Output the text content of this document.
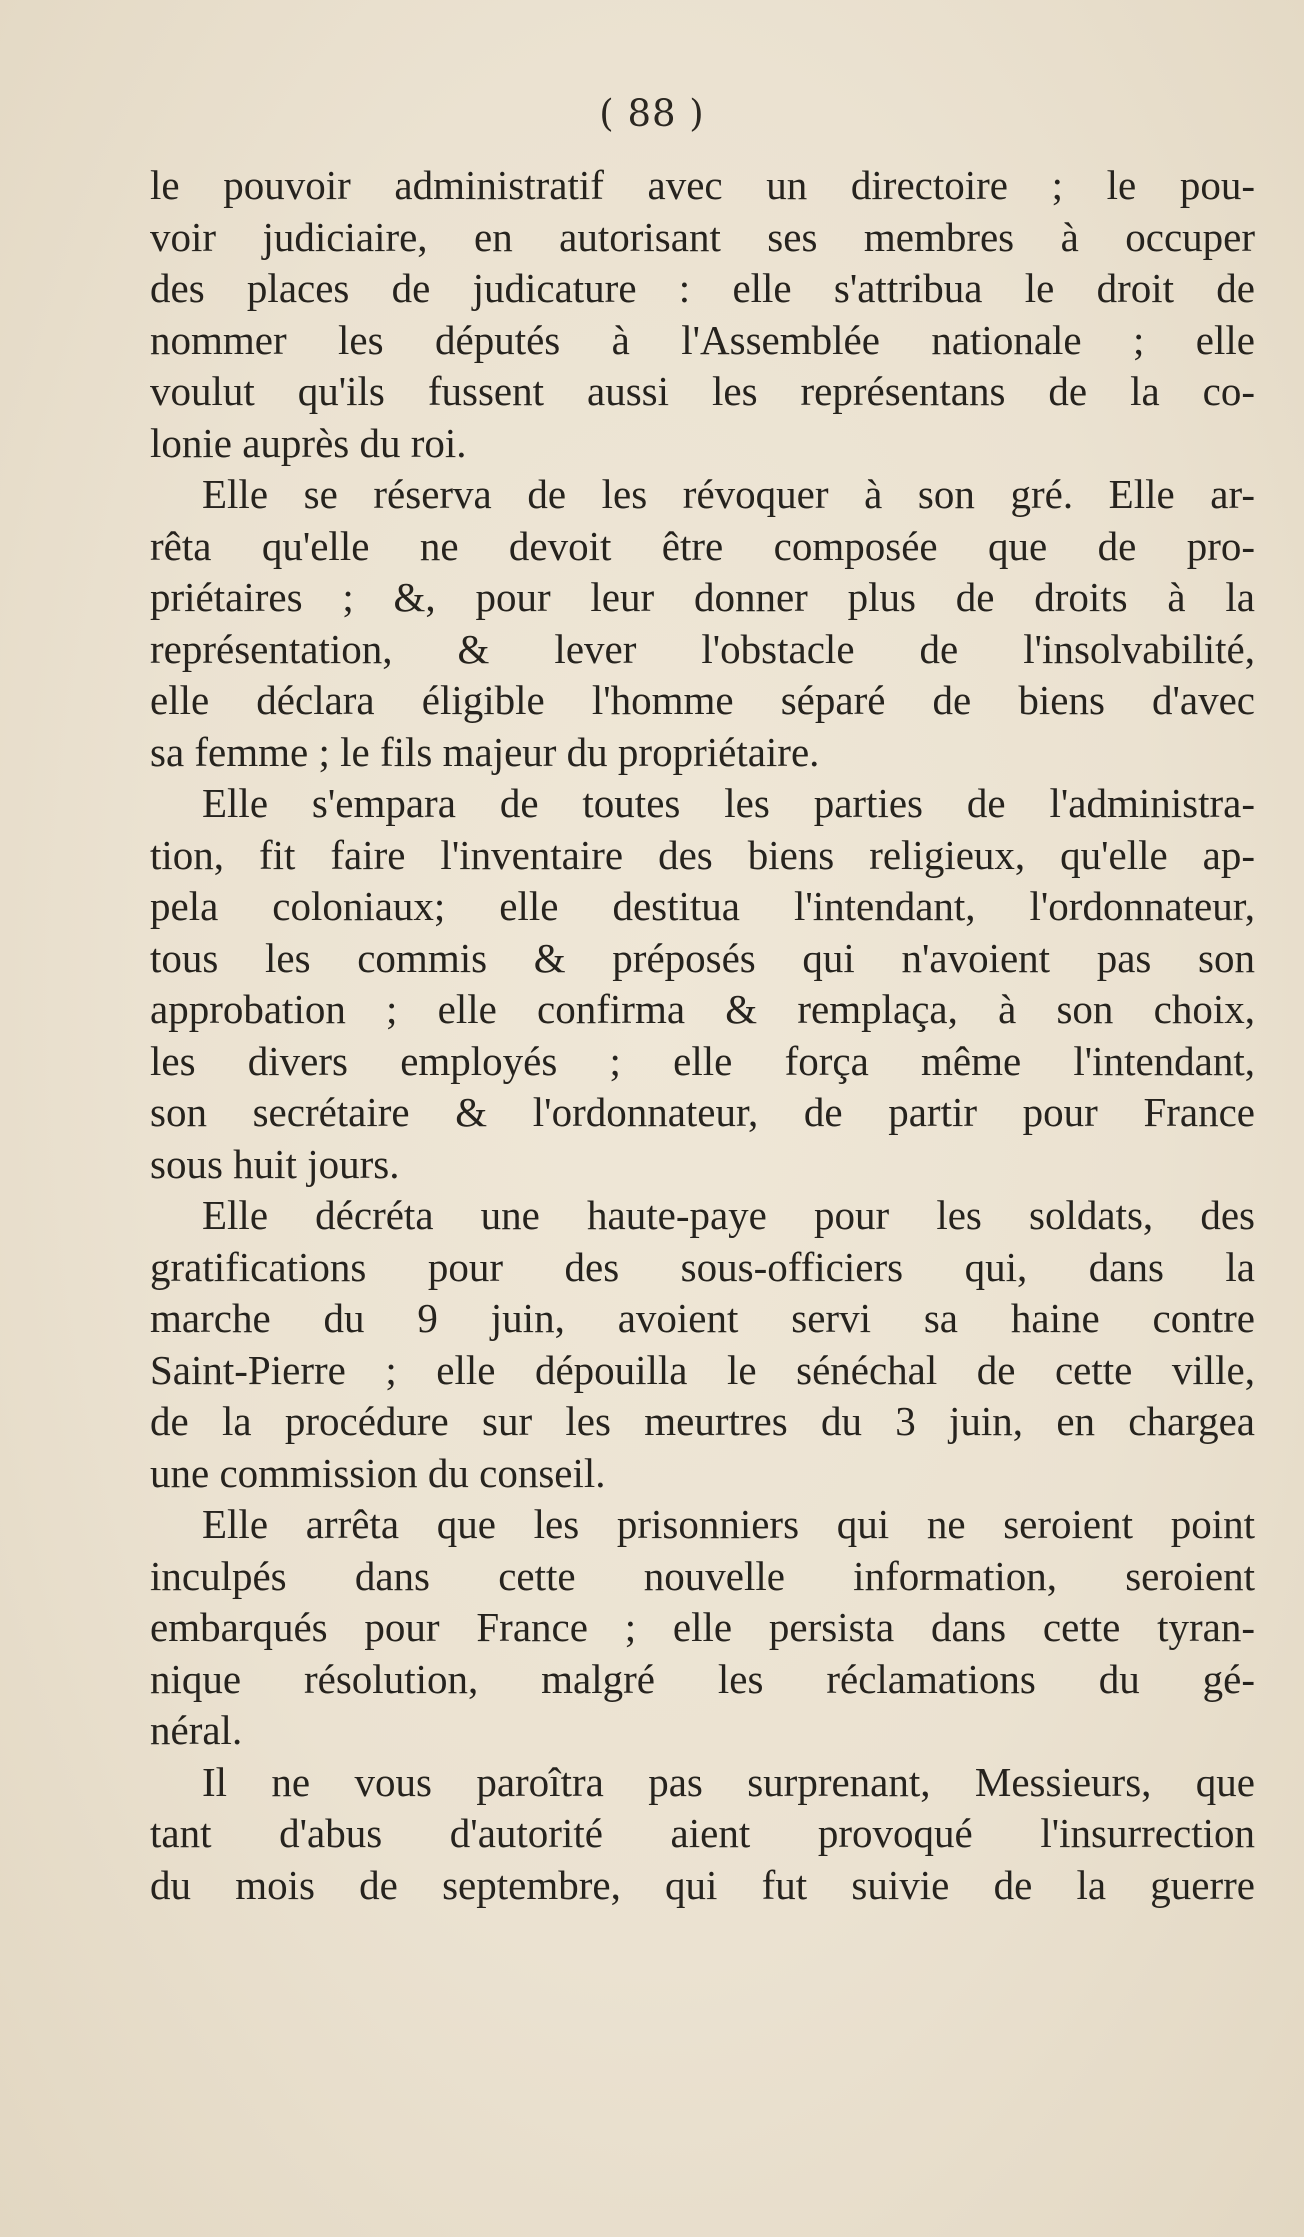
( 88 )
le pouvoir administratif avec un directoire ; le pou-
voir judiciaire, en autorisant ses membres à occuper
des places de judicature : elle s'attribua le droit de
nommer les députés à l'Assemblée nationale ; elle
voulut qu'ils fussent aussi les représentans de la co-
lonie auprès du roi.
Elle se réserva de les révoquer à son gré. Elle ar-
rêta qu'elle ne devoit être composée que de pro-
priétaires ; &, pour leur donner plus de droits à la
représentation, & lever l'obstacle de l'insolvabilité,
elle déclara éligible l'homme séparé de biens d'avec
sa femme ; le fils majeur du propriétaire.
Elle s'empara de toutes les parties de l'administra-
tion, fit faire l'inventaire des biens religieux, qu'elle ap-
pela coloniaux; elle destitua l'intendant, l'ordonnateur,
tous les commis & préposés qui n'avoient pas son
approbation ; elle confirma & remplaça, à son choix,
les divers employés ; elle força même l'intendant,
son secrétaire & l'ordonnateur, de partir pour France
sous huit jours.
Elle décréta une haute-paye pour les soldats, des
gratifications pour des sous-officiers qui, dans la
marche du 9 juin, avoient servi sa haine contre
Saint-Pierre ; elle dépouilla le sénéchal de cette ville,
de la procédure sur les meurtres du 3 juin, en chargea
une commission du conseil.
Elle arrêta que les prisonniers qui ne seroient point
inculpés dans cette nouvelle information, seroient
embarqués pour France ; elle persista dans cette tyran-
nique résolution, malgré les réclamations du gé-
néral.
Il ne vous paroîtra pas surprenant, Messieurs, que
tant d'abus d'autorité aient provoqué l'insurrection
du mois de septembre, qui fut suivie de la guerre
